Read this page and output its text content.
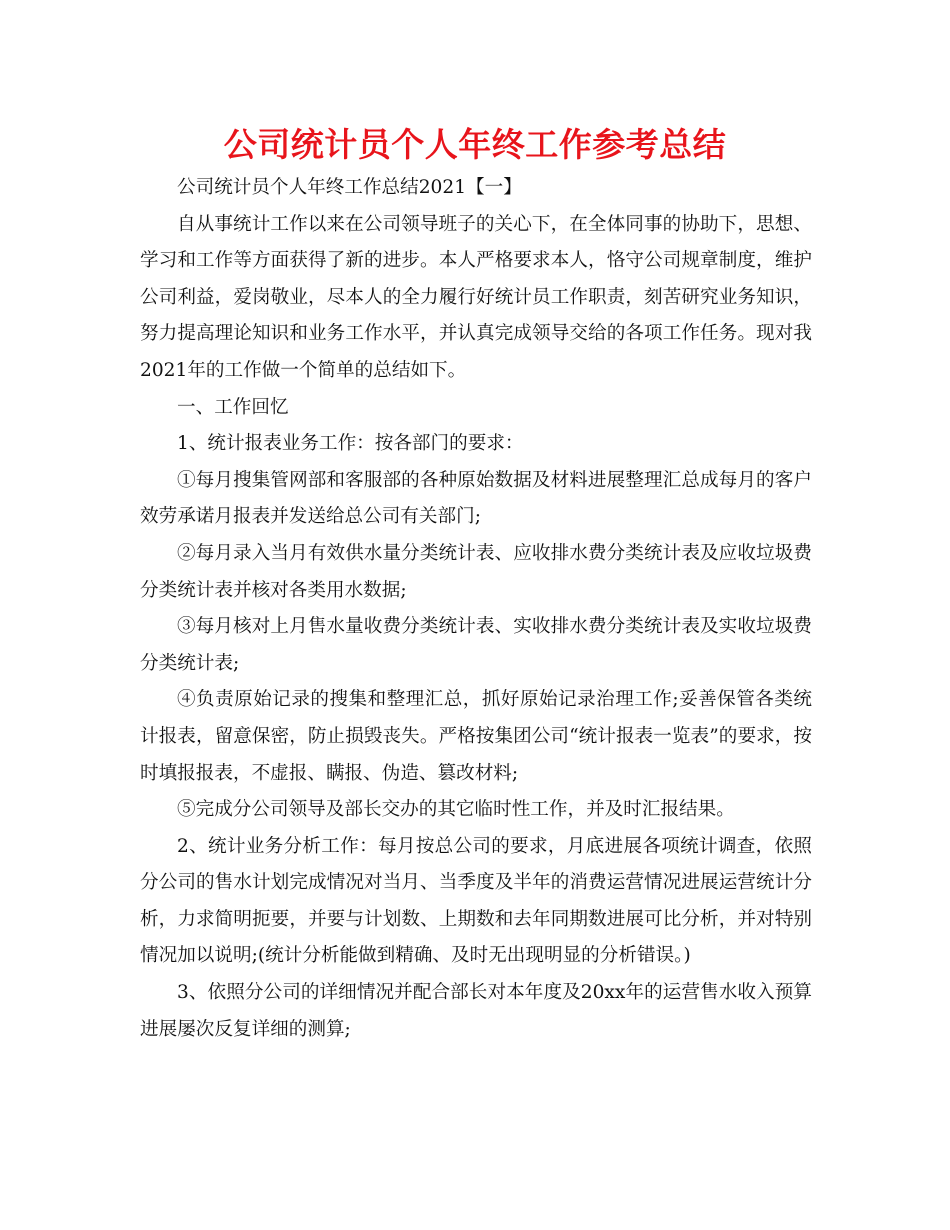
公司统计员个人年终工作参考总结

公司统计员个人年终工作总结2021【一】

自从事统计工作以来在公司领导班子的关心下，在全体同事的协助下，思想、学习和工作等方面获得了新的进步。本人严格要求本人，恪守公司规章制度，维护公司利益，爱岗敬业，尽本人的全力履行好统计员工作职责，刻苦研究业务知识，努力提高理论知识和业务工作水平，并认真完成领导交给的各项工作任务。现对我2021年的工作做一个简单的总结如下。

一、工作回忆

1、统计报表业务工作：按各部门的要求：

①每月搜集管网部和客服部的各种原始数据及材料进展整理汇总成每月的客户效劳承诺月报表并发送给总公司有关部门;

②每月录入当月有效供水量分类统计表、应收排水费分类统计表及应收垃圾费分类统计表并核对各类用水数据;

③每月核对上月售水量收费分类统计表、实收排水费分类统计表及实收垃圾费分类统计表;

④负责原始记录的搜集和整理汇总，抓好原始记录治理工作;妥善保管各类统计报表，留意保密，防止损毁丧失。严格按集团公司“统计报表一览表”的要求，按时填报报表，不虚报、瞒报、伪造、篡改材料;

⑤完成分公司领导及部长交办的其它临时性工作，并及时汇报结果。

2、统计业务分析工作：每月按总公司的要求，月底进展各项统计调查，依照分公司的售水计划完成情况对当月、当季度及半年的消费运营情况进展运营统计分析，力求简明扼要，并要与计划数、上期数和去年同期数进展可比分析，并对特别情况加以说明;(统计分析能做到精确、及时无出现明显的分析错误。)

3、依照分公司的详细情况并配合部长对本年度及20xx年的运营售水收入预算进展屡次反复详细的测算;
